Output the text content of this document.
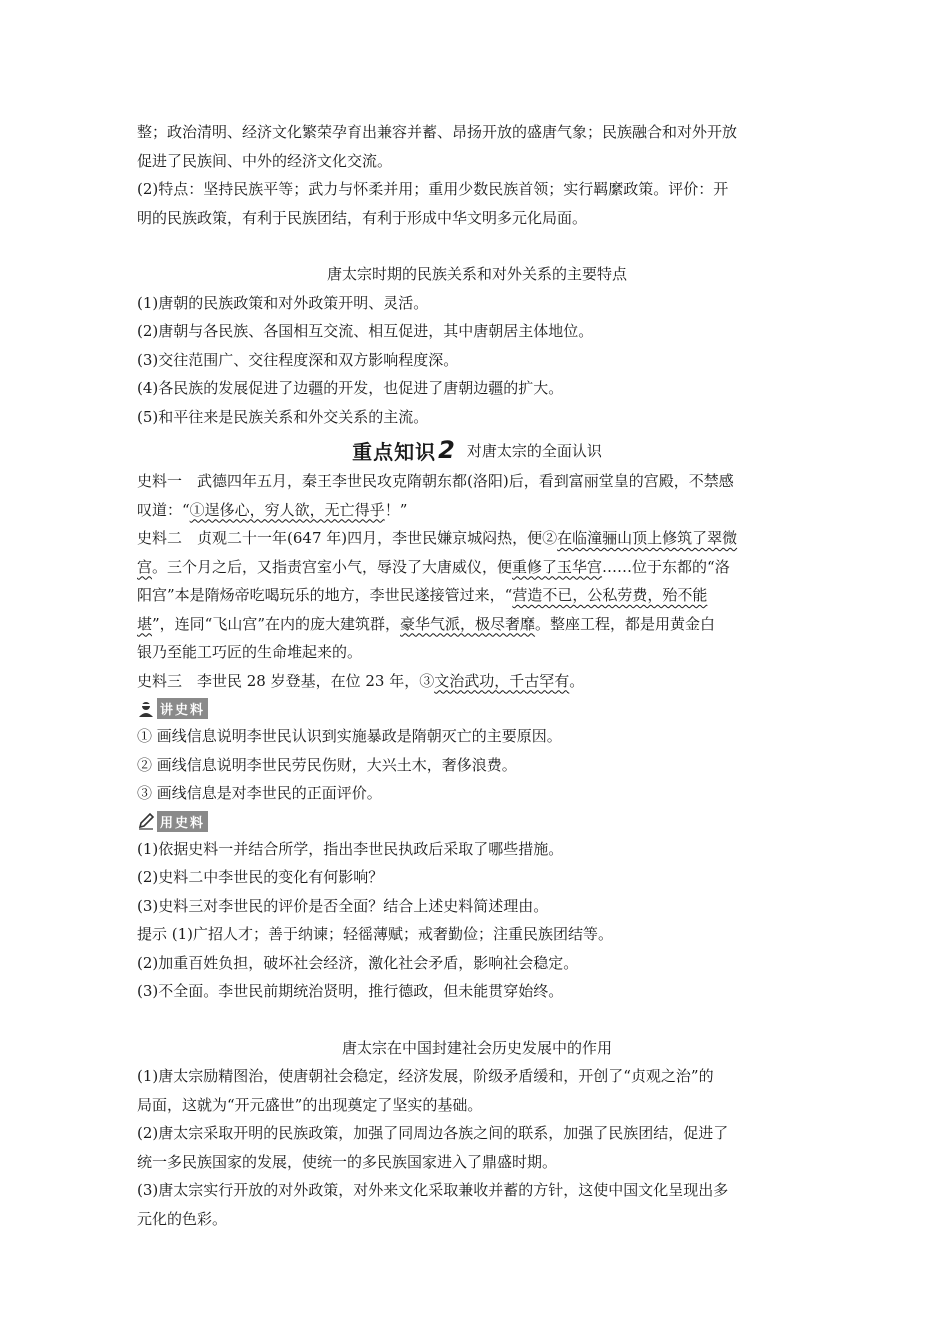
整；政治清明、经济文化繁荣孕育出兼容并蓄、昂扬开放的盛唐气象；民族融合和对外开放
促进了民族间、中外的经济文化交流。
(2)特点：坚持民族平等；武力与怀柔并用；重用少数民族首领；实行羁縻政策。评价：开
明的民族政策，有利于民族团结，有利于形成中华文明多元化局面。
唐太宗时期的民族关系和对外关系的主要特点
(1)唐朝的民族政策和对外政策开明、灵活。
(2)唐朝与各民族、各国相互交流、相互促进，其中唐朝居主体地位。
(3)交往范围广、交往程度深和双方影响程度深。
(4)各民族的发展促进了边疆的开发，也促进了唐朝边疆的扩大。
(5)和平往来是民族关系和外交关系的主流。
重点知识 2 对唐太宗的全面认识
史料一　武德四年五月，秦王李世民攻克隋朝东都(洛阳)后，看到富丽堂皇的宫殿，不禁感
叹道：“①逞侈心，穷人欲，无亡得乎！”
史料二　贞观二十一年(647 年)四月，李世民嫌京城闷热，便②在临潼骊山顶上修筑了翠微
宫。三个月之后，又指责宫室小气，辱没了大唐威仪，便重修了玉华宫……位于东都的“洛
阳宫”本是隋炀帝吃喝玩乐的地方，李世民遂接管过来，“营造不已，公私劳费，殆不能
堪”，连同“飞山宫”在内的庞大建筑群，豪华气派，极尽奢靡。整座工程，都是用黄金白
银乃至能工巧匠的生命堆起来的。
史料三　李世民 28 岁登基，在位 23 年，③文治武功，千古罕有。
讲史料
① 画线信息说明李世民认识到实施暴政是隋朝灭亡的主要原因。
② 画线信息说明李世民劳民伤财，大兴土木，奢侈浪费。
③ 画线信息是对李世民的正面评价。
用史料
(1)依据史料一并结合所学，指出李世民执政后采取了哪些措施。
(2)史料二中李世民的变化有何影响？
(3)史料三对李世民的评价是否全面？结合上述史料简述理由。
提示 (1)广招人才；善于纳谏；轻徭薄赋；戒奢勤俭；注重民族团结等。
(2)加重百姓负担，破坏社会经济，激化社会矛盾，影响社会稳定。
(3)不全面。李世民前期统治贤明，推行德政，但未能贯穿始终。
唐太宗在中国封建社会历史发展中的作用
(1)唐太宗励精图治，使唐朝社会稳定，经济发展，阶级矛盾缓和，开创了“贞观之治”的
局面，这就为“开元盛世”的出现奠定了坚实的基础。
(2)唐太宗采取开明的民族政策，加强了同周边各族之间的联系，加强了民族团结，促进了
统一多民族国家的发展，使统一的多民族国家进入了鼎盛时期。
(3)唐太宗实行开放的对外政策，对外来文化采取兼收并蓄的方针，这使中国文化呈现出多
元化的色彩。
